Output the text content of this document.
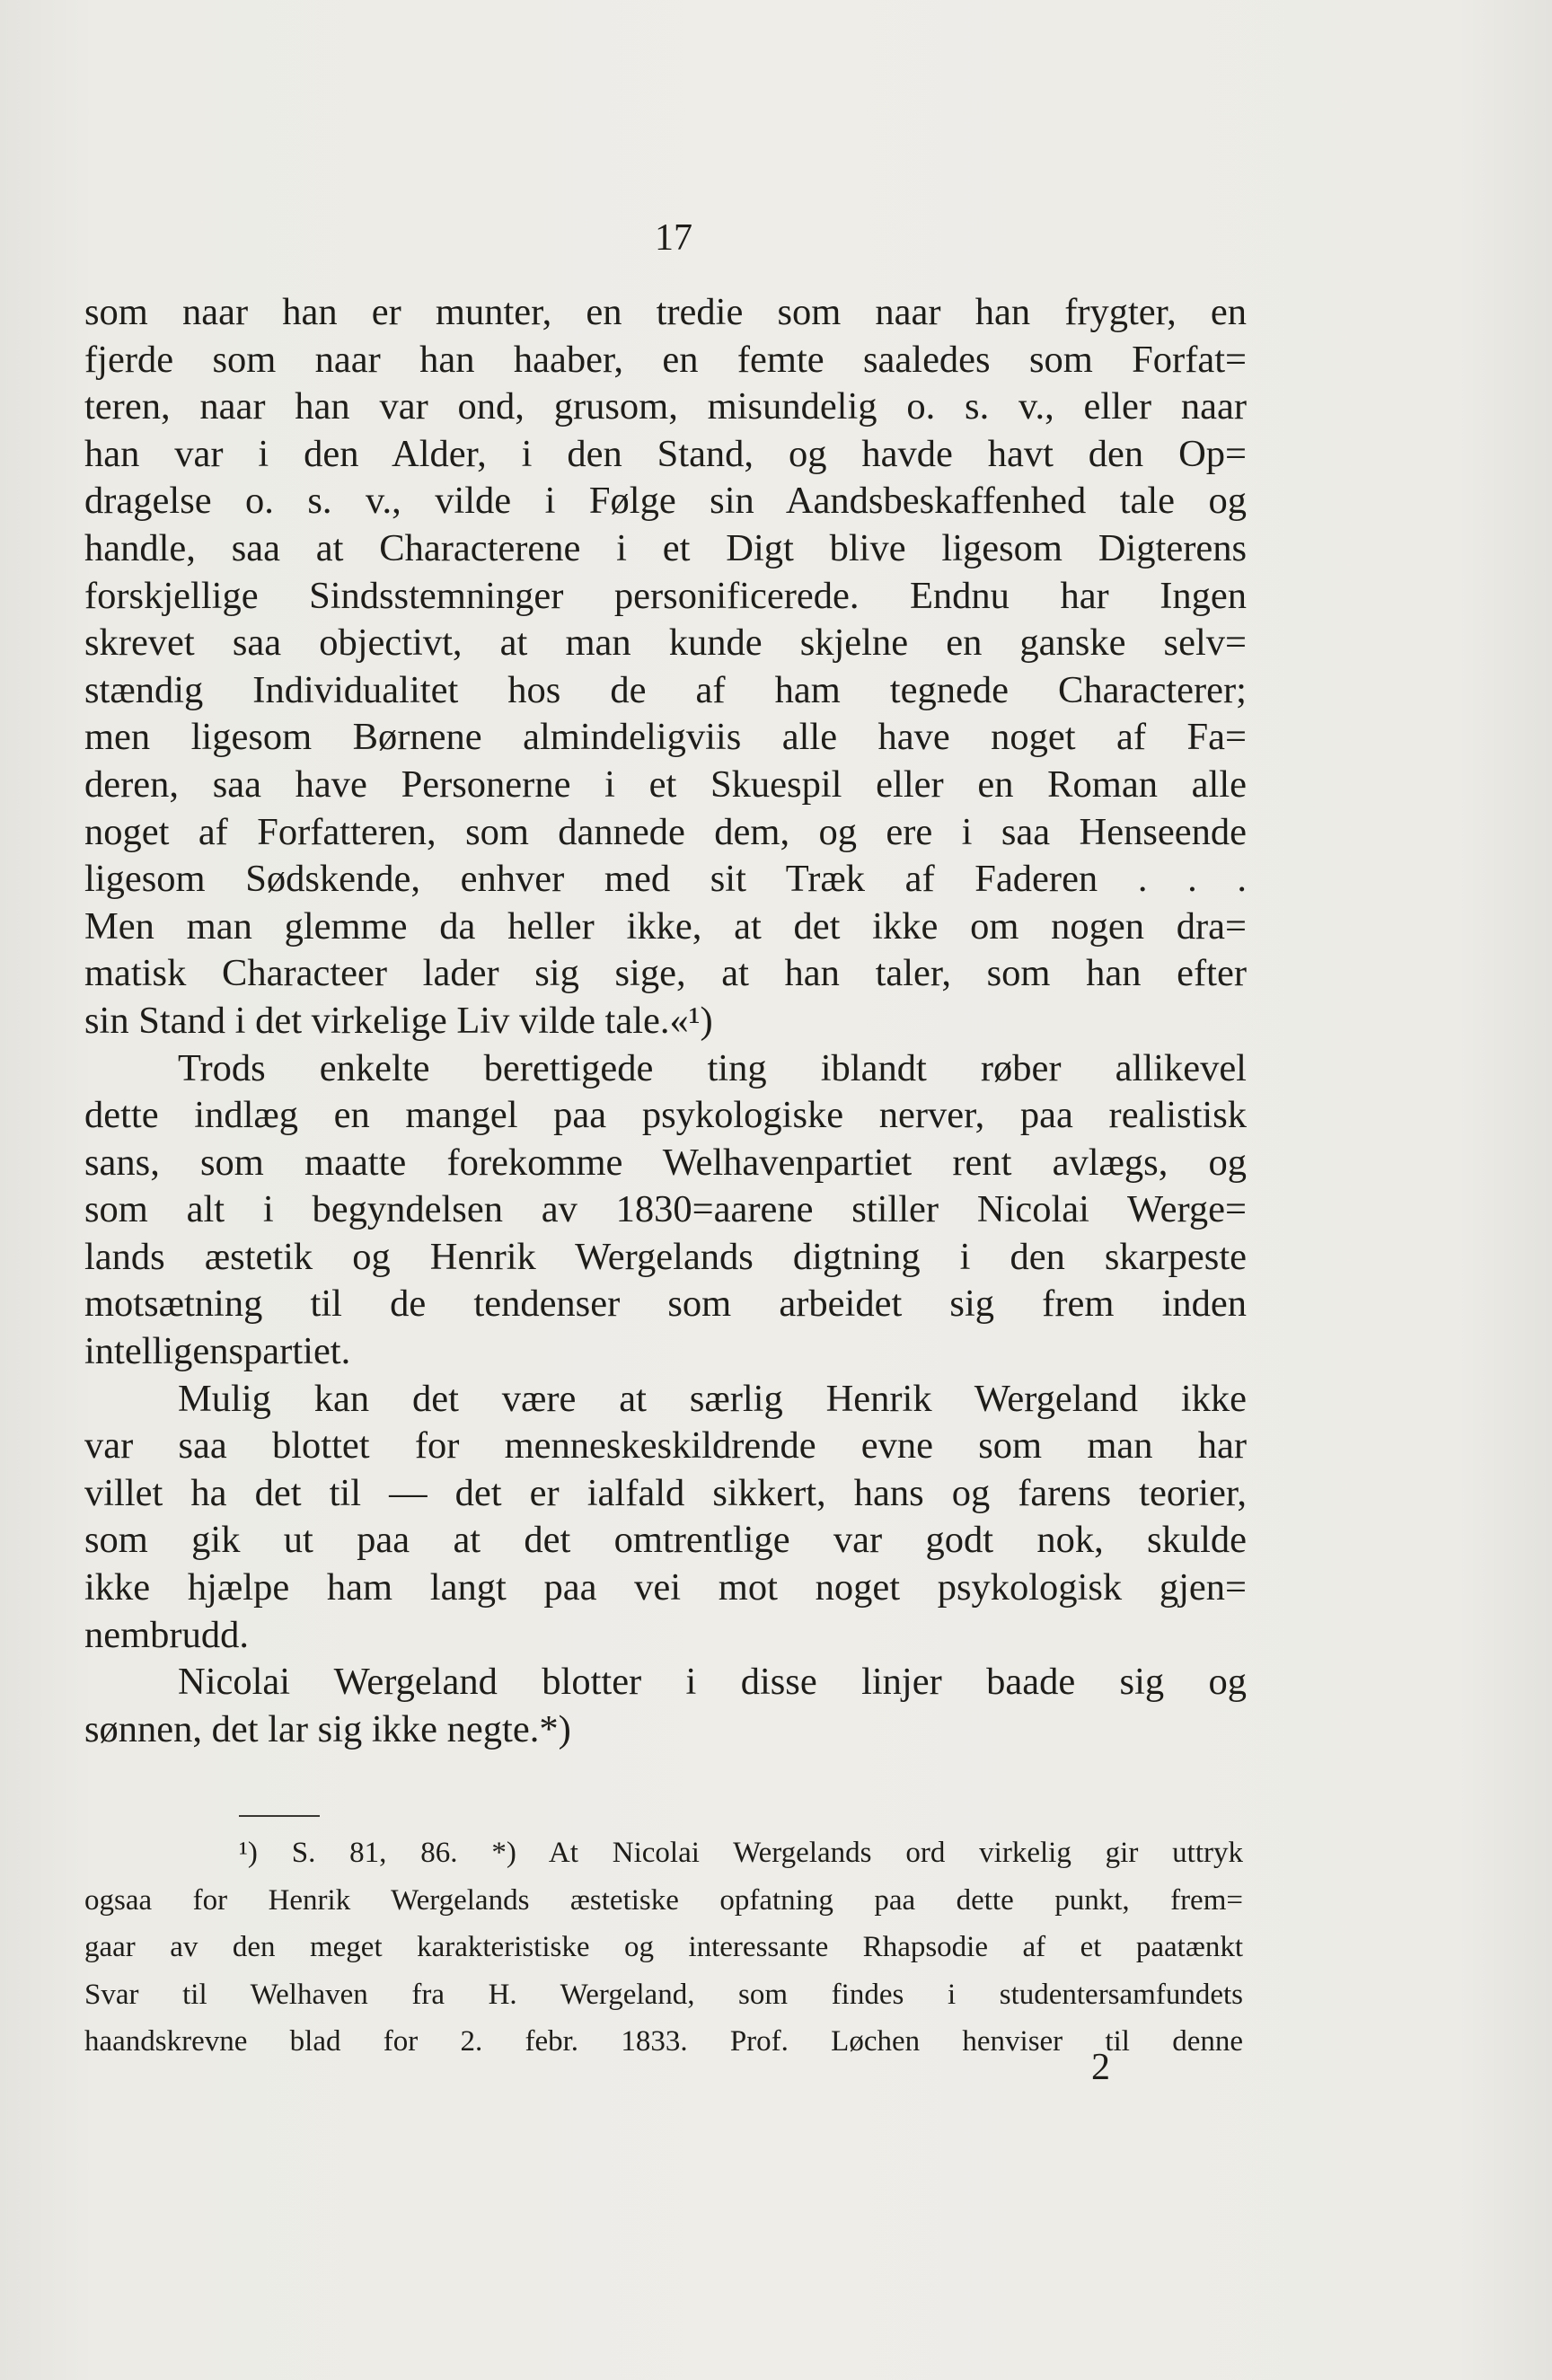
17
som naar han er munter, en tredie som naar han frygter, en
fjerde som naar han haaber, en femte saaledes som Forfat=
teren, naar han var ond, grusom, misundelig o. s. v., eller naar
han var i den Alder, i den Stand, og havde havt den Op=
dragelse o. s. v., vilde i Følge sin Aandsbeskaffenhed tale og
handle, saa at Characterene i et Digt blive ligesom Digterens
forskjellige Sindsstemninger personificerede. Endnu har Ingen
skrevet saa objectivt, at man kunde skjelne en ganske selv=
stændig Individualitet hos de af ham tegnede Characterer;
men ligesom Børnene almindeligviis alle have noget af Fa=
deren, saa have Personerne i et Skuespil eller en Roman alle
noget af Forfatteren, som dannede dem, og ere i saa Henseende
ligesom Sødskende, enhver med sit Træk af Faderen . . .
Men man glemme da heller ikke, at det ikke om nogen dra=
matisk Characteer lader sig sige, at han taler, som han efter
sin Stand i det virkelige Liv vilde tale.«¹)
Trods enkelte berettigede ting iblandt røber allikevel
dette indlæg en mangel paa psykologiske nerver, paa realistisk
sans, som maatte forekomme Welhavenpartiet rent avlægs, og
som alt i begyndelsen av 1830=aarene stiller Nicolai Werge=
lands æstetik og Henrik Wergelands digtning i den skarpeste
motsætning til de tendenser som arbeidet sig frem inden
intelligenspartiet.
Mulig kan det være at særlig Henrik Wergeland ikke
var saa blottet for menneskeskildrende evne som man har
villet ha det til — det er ialfald sikkert, hans og farens teorier,
som gik ut paa at det omtrentlige var godt nok, skulde
ikke hjælpe ham langt paa vei mot noget psykologisk gjen=
nembrudd.
Nicolai Wergeland blotter i disse linjer baade sig og
sønnen, det lar sig ikke negte.*)
¹) S. 81, 86. *) At Nicolai Wergelands ord virkelig gir uttryk
ogsaa for Henrik Wergelands æstetiske opfatning paa dette punkt, frem=
gaar av den meget karakteristiske og interessante Rhapsodie af et paatænkt
Svar til Welhaven fra H. Wergeland, som findes i studentersamfundets
haandskrevne blad for 2. febr. 1833. Prof. Løchen henviser til denne
2
